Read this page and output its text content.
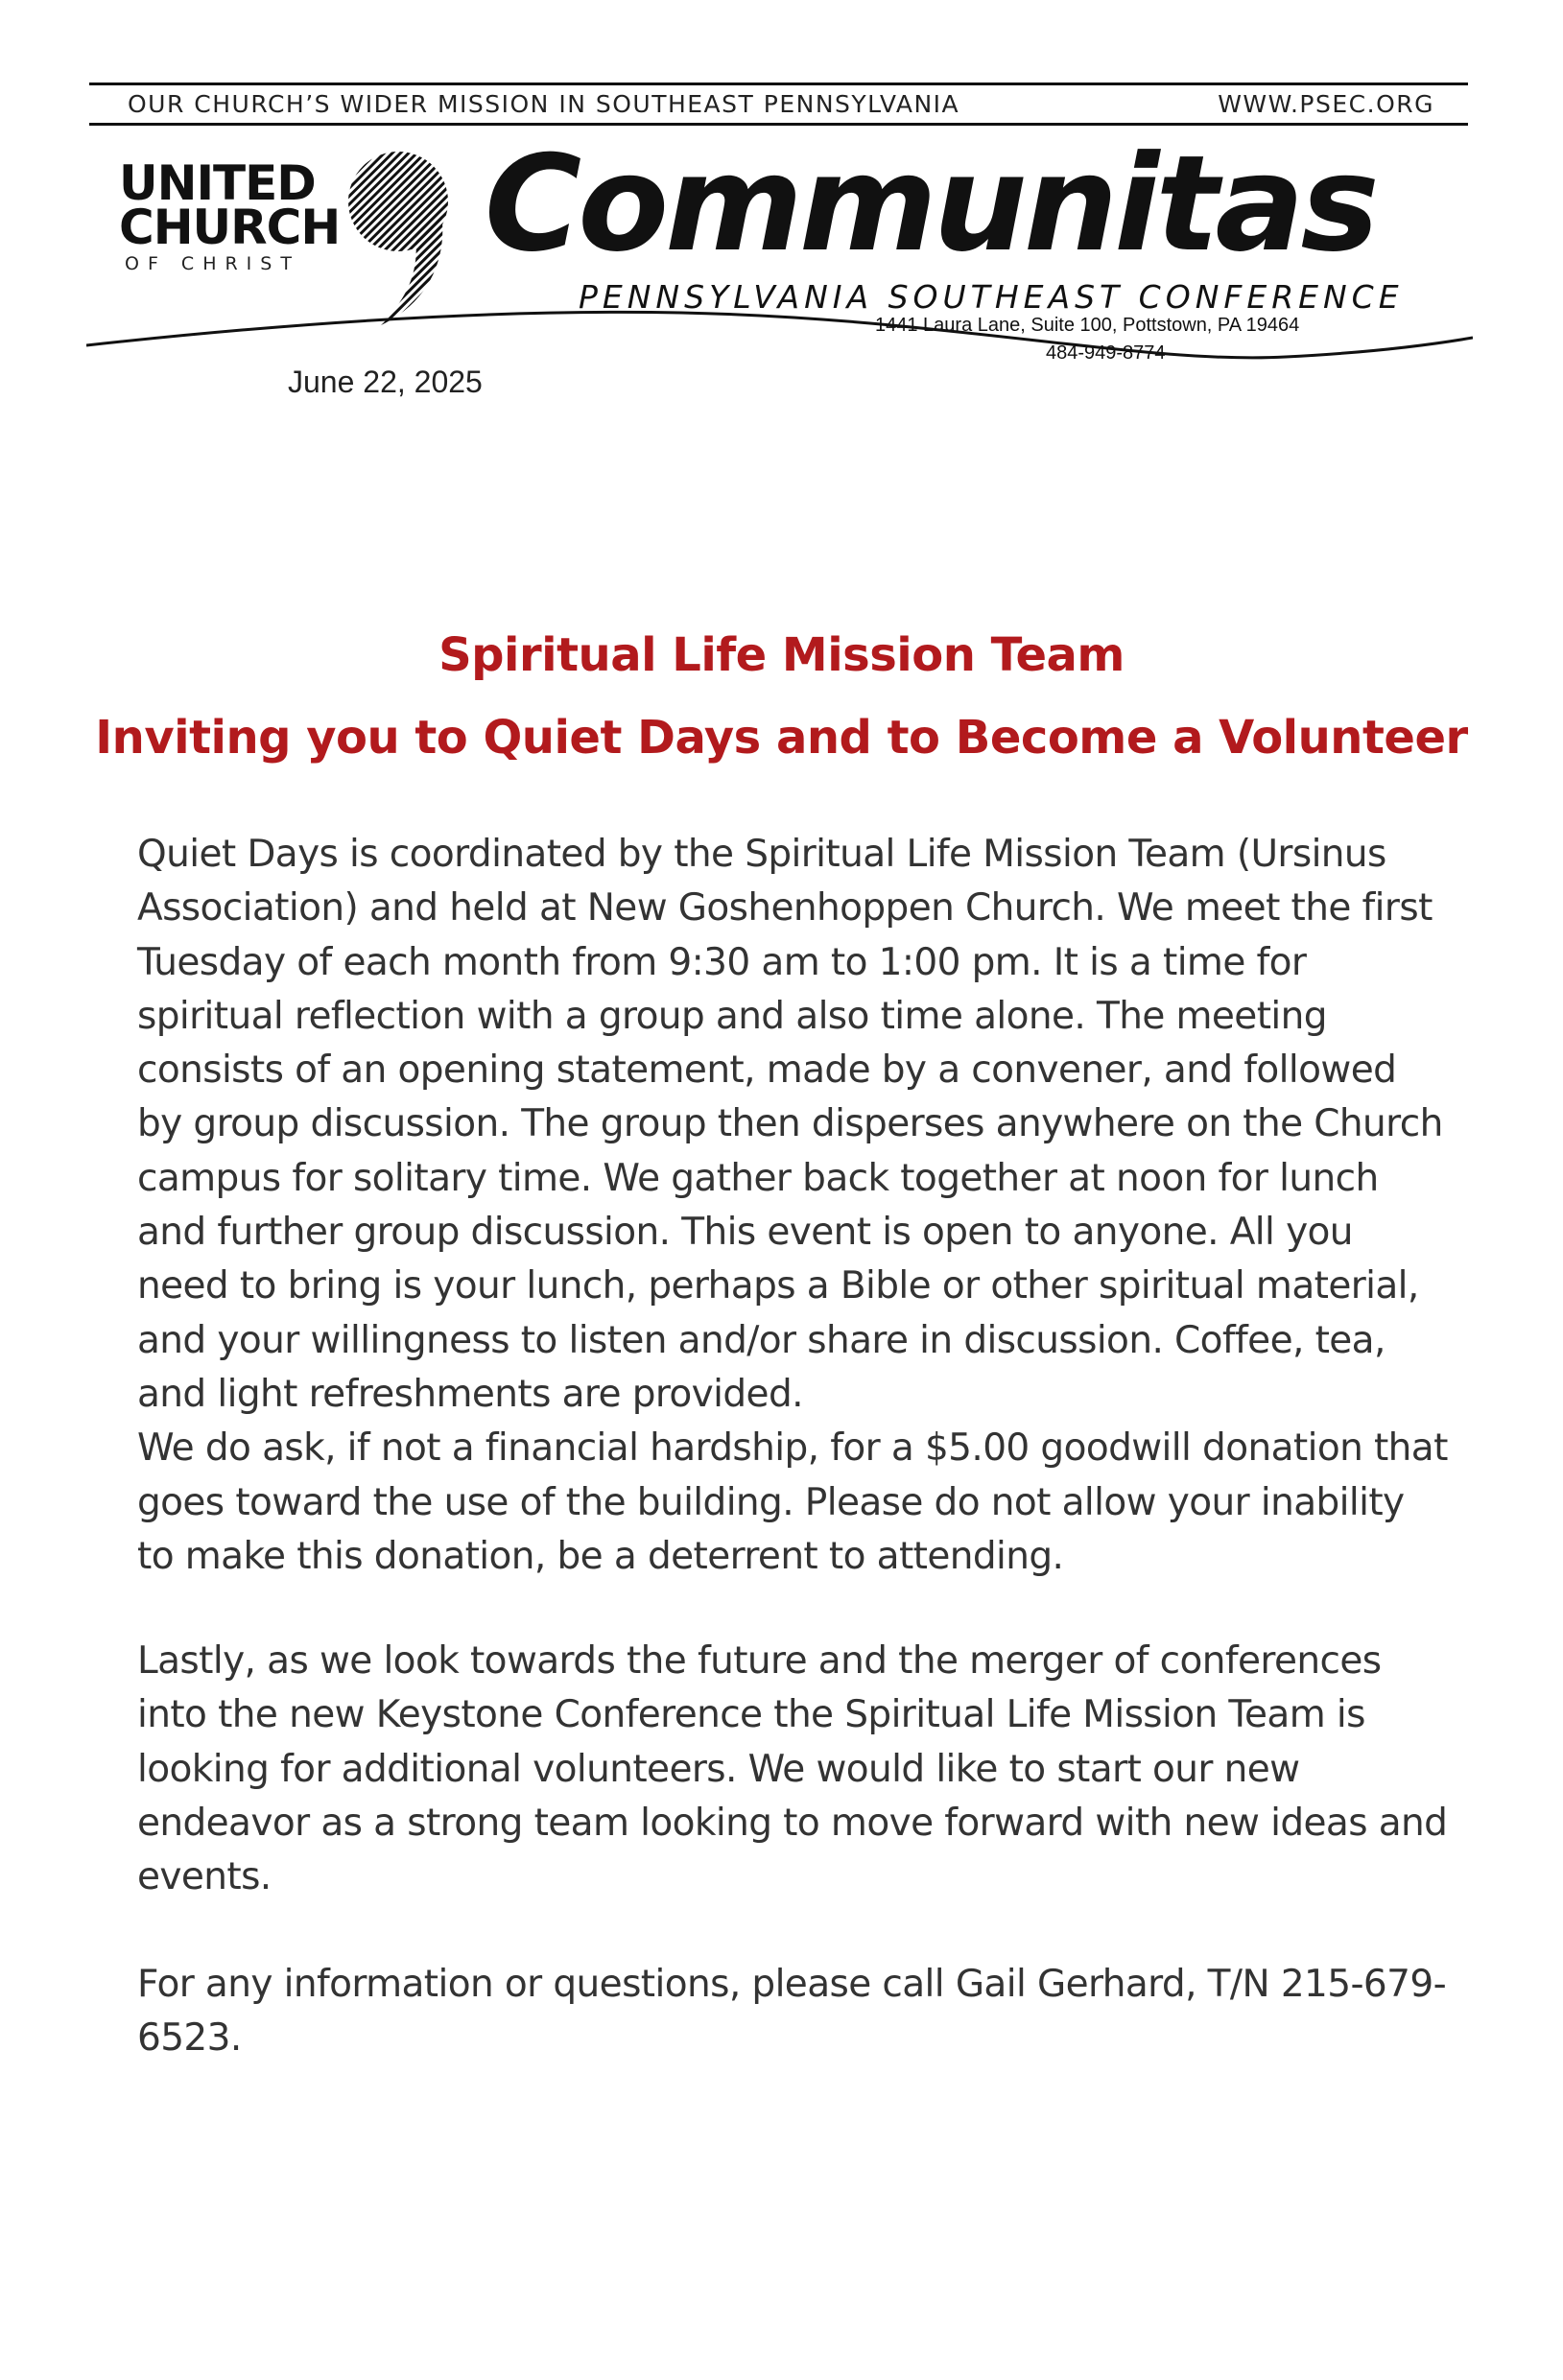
OUR CHURCH’S WIDER MISSION IN SOUTHEAST PENNSYLVANIA	WWW.PSEC.ORG
UNITED
CHURCH
OF CHRIST	Communitas
PENNSYLVANIA SOUTHEAST CONFERENCE
1441 Laura Lane, Suite 100, Pottstown, PA 19464
484-949-8774
June 22, 2025
Spiritual Life Mission Team
Inviting you to Quiet Days and to Become a Volunteer

Quiet Days is coordinated by the Spiritual Life Mission Team (Ursinus Association) and held at New Goshenhoppen Church. We meet the first Tuesday of each month from 9:30 am to 1:00 pm. It is a time for spiritual reflection with a group and also time alone. The meeting consists of an opening statement, made by a convener, and followed by group discussion. The group then disperses anywhere on the Church campus for solitary time. We gather back together at noon for lunch and further group discussion. This event is open to anyone. All you need to bring is your lunch, perhaps a Bible or other spiritual material, and your willingness to listen and/or share in discussion. Coffee, tea, and light refreshments are provided.

We do ask, if not a financial hardship, for a $5.00 goodwill donation that goes toward the use of the building. Please do not allow your inability to make this donation, be a deterrent to attending.

Lastly, as we look towards the future and the merger of conferences into the new Keystone Conference the Spiritual Life Mission Team is looking for additional volunteers. We would like to start our new endeavor as a strong team looking to move forward with new ideas and events.

For any information or questions, please call Gail Gerhard, T/N 215-679-6523.
